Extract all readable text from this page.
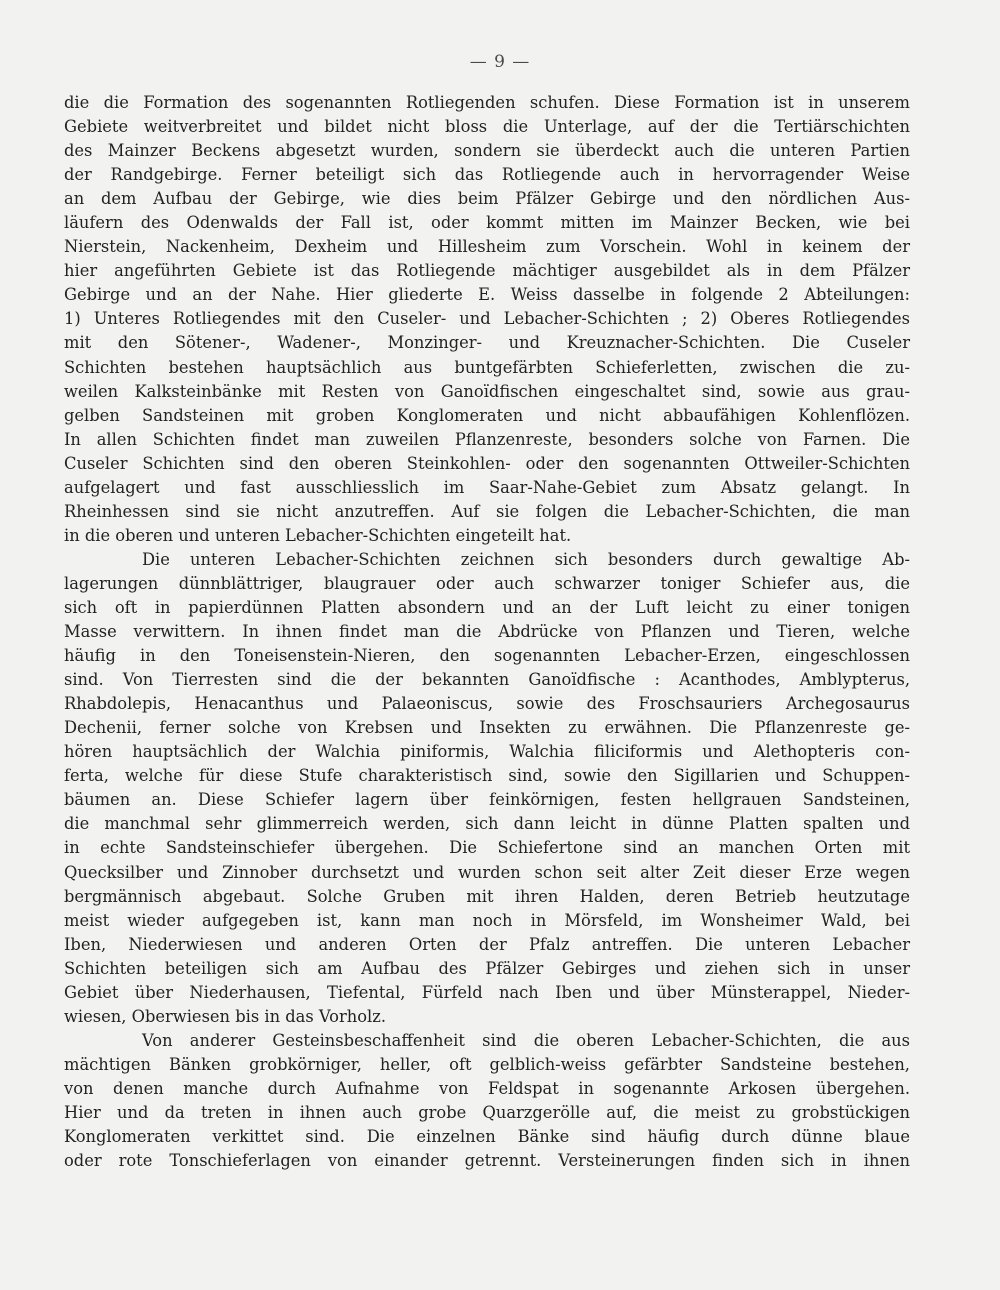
— 9 —
die die Formation des sogenannten Rotliegenden schufen. Diese Formation ist in unserem
Gebiete weitverbreitet und bildet nicht bloss die Unterlage, auf der die Tertiärschichten
des Mainzer Beckens abgesetzt wurden, sondern sie überdeckt auch die unteren Partien
der Randgebirge. Ferner beteiligt sich das Rotliegende auch in hervorragender Weise
an dem Aufbau der Gebirge, wie dies beim Pfälzer Gebirge und den nördlichen Aus-
läufern des Odenwalds der Fall ist, oder kommt mitten im Mainzer Becken, wie bei
Nierstein, Nackenheim, Dexheim und Hillesheim zum Vorschein. Wohl in keinem der
hier angeführten Gebiete ist das Rotliegende mächtiger ausgebildet als in dem Pfälzer
Gebirge und an der Nahe. Hier gliederte E. Weiss dasselbe in folgende 2 Abteilungen:
1) Unteres Rotliegendes mit den Cuseler- und Lebacher-Schichten ; 2) Oberes Rotliegendes
mit den Sötener-, Wadener-, Monzinger- und Kreuznacher-Schichten. Die Cuseler
Schichten bestehen hauptsächlich aus buntgefärbten Schieferletten, zwischen die zu-
weilen Kalksteinbänke mit Resten von Ganoïdfischen eingeschaltet sind, sowie aus grau-
gelben Sandsteinen mit groben Konglomeraten und nicht abbaufähigen Kohlenflözen.
In allen Schichten findet man zuweilen Pflanzenreste, besonders solche von Farnen. Die
Cuseler Schichten sind den oberen Steinkohlen- oder den sogenannten Ottweiler-Schichten
aufgelagert und fast ausschliesslich im Saar-Nahe-Gebiet zum Absatz gelangt. In
Rheinhessen sind sie nicht anzutreffen. Auf sie folgen die Lebacher-Schichten, die man
in die oberen und unteren Lebacher-Schichten eingeteilt hat.
Die unteren Lebacher-Schichten zeichnen sich besonders durch gewaltige Ab-
lagerungen dünnblättriger, blaugrauer oder auch schwarzer toniger Schiefer aus, die
sich oft in papierdünnen Platten absondern und an der Luft leicht zu einer tonigen
Masse verwittern. In ihnen findet man die Abdrücke von Pflanzen und Tieren, welche
häufig in den Toneisenstein-Nieren, den sogenannten Lebacher-Erzen, eingeschlossen
sind. Von Tierresten sind die der bekannten Ganoïdfische : Acanthodes, Amblypterus,
Rhabdolepis, Henacanthus und Palaeoniscus, sowie des Froschsauriers Archegosaurus
Dechenii, ferner solche von Krebsen und Insekten zu erwähnen. Die Pflanzenreste ge-
hören hauptsächlich der Walchia piniformis, Walchia filiciformis und Alethopteris con-
ferta, welche für diese Stufe charakteristisch sind, sowie den Sigillarien und Schuppen-
bäumen an. Diese Schiefer lagern über feinkörnigen, festen hellgrauen Sandsteinen,
die manchmal sehr glimmerreich werden, sich dann leicht in dünne Platten spalten und
in echte Sandsteinschiefer übergehen. Die Schiefertone sind an manchen Orten mit
Quecksilber und Zinnober durchsetzt und wurden schon seit alter Zeit dieser Erze wegen
bergmännisch abgebaut. Solche Gruben mit ihren Halden, deren Betrieb heutzutage
meist wieder aufgegeben ist, kann man noch in Mörsfeld, im Wonsheimer Wald, bei
Iben, Niederwiesen und anderen Orten der Pfalz antreffen. Die unteren Lebacher
Schichten beteiligen sich am Aufbau des Pfälzer Gebirges und ziehen sich in unser
Gebiet über Niederhausen, Tiefental, Fürfeld nach Iben und über Münsterappel, Nieder-
wiesen, Oberwiesen bis in das Vorholz.
Von anderer Gesteinsbeschaffenheit sind die oberen Lebacher-Schichten, die aus
mächtigen Bänken grobkörniger, heller, oft gelblich-weiss gefärbter Sandsteine bestehen,
von denen manche durch Aufnahme von Feldspat in sogenannte Arkosen übergehen.
Hier und da treten in ihnen auch grobe Quarzgerölle auf, die meist zu grobstückigen
Konglomeraten verkittet sind. Die einzelnen Bänke sind häufig durch dünne blaue
oder rote Tonschieferlagen von einander getrennt. Versteinerungen finden sich in ihnen
